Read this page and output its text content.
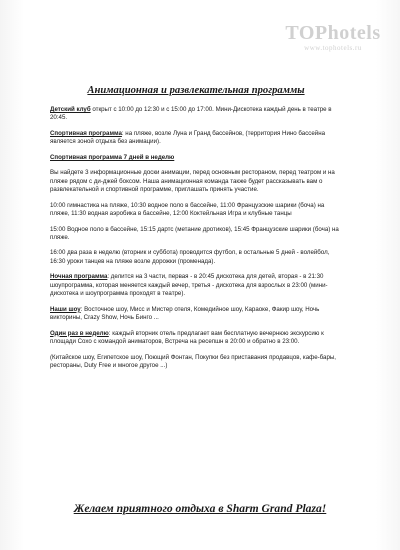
TOPhotels
www.tophotels.ru
Анимационная и развлекательная программы
Детский клуб открыт с 10:00 до 12:30 и с 15:00 до 17:00. Мини-Дискотека каждый день в театре в 20:45.
Спортивная программа: на пляже, возле Луна и Гранд бассейнов, (территория Нино бассейна является зоной отдыха без анимации).
Спортивная программа 7 дней в неделю
Вы найдете 3 информационные доски анимации, перед основным рестораном, перед театром и на пляже рядом с ди-джей боксом. Наша анимационная команда также будет рассказывать вам о развлекательной и спортивной программе, приглашать принять участие.
10:00 гимнастика на пляже, 10:30 водное поло в бассейне, 11:00 Французские шарики (боча) на пляже, 11:30 водная аэробика в бассейне, 12:00 Коктейльная Игра и клубные танцы
15:00 Водное поло в бассейне, 15:15 дартс (метание дротиков), 15:45 Французские шарики (боча) на пляже.
16:00 два раза в неделю (вторник и суббота) проводится футбол, в остальные 5 дней - волейбол, 16:30 уроки танцев на пляже возле дорожки (променада).
Ночная программа: делится на 3 части, первая - в 20:45 дискотека для детей, вторая - в 21:30 шоупрограмма, которая меняется каждый вечер, третья - дискотека для взрослых в 23:00 (мини-дискотека и шоупрограмма проходят в театре).
Наши шоу: Восточное шоу, Мисс и Мистер отеля, Комедийное шоу, Караоке, Факир шоу, Ночь викторины, Crazy Show, Ночь Бинго ...
Один раз в неделю: каждый вторник отель предлагает вам бесплатную вечернюю экскурсию к площади Сохо с командой аниматоров, Встреча на ресепшн в 20:00 и обратно в 23:00.
(Китайское шоу, Египетское шоу, Поющий Фонтан, Покупки без приставания продавцов, кафе-бары, рестораны, Duty Free и многое другое ...)
Желаем приятного отдыха в Sharm Grand Plaza!
